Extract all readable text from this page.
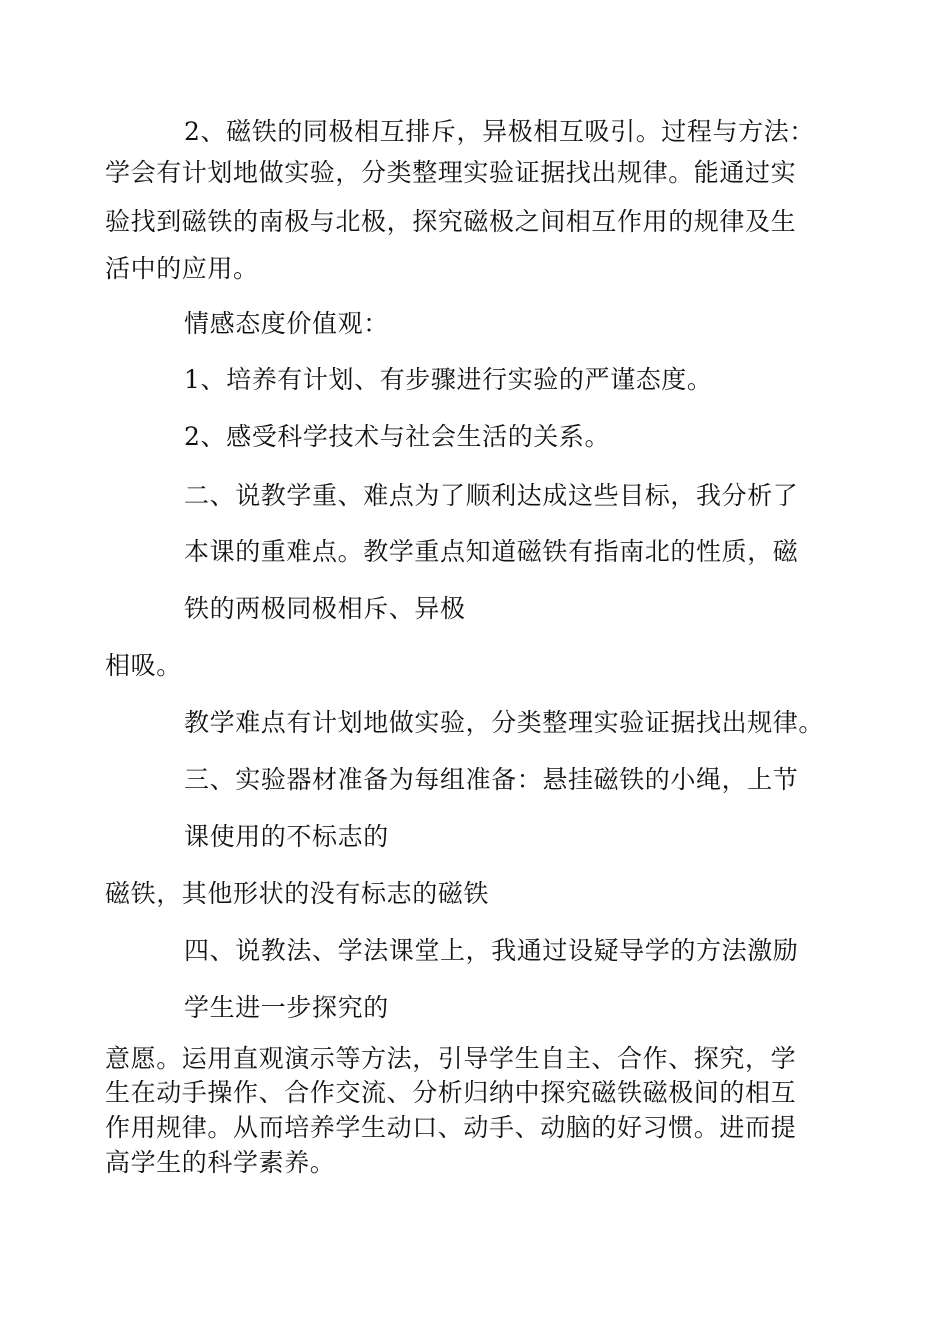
2、磁铁的同极相互排斥，异极相互吸引。过程与方法：
学会有计划地做实验，分类整理实验证据找出规律。能通过实
验找到磁铁的南极与北极，探究磁极之间相互作用的规律及生
活中的应用。
情感态度价值观：
1、培养有计划、有步骤进行实验的严谨态度。
2、感受科学技术与社会生活的关系。
二、说教学重、难点为了顺利达成这些目标，我分析了
本课的重难点。教学重点知道磁铁有指南北的性质，磁
铁的两极同极相斥、异极
相吸。
教学难点有计划地做实验，分类整理实验证据找出规律。
三、实验器材准备为每组准备：悬挂磁铁的小绳，上节
课使用的不标志的
磁铁，其他形状的没有标志的磁铁
四、说教法、学法课堂上，我通过设疑导学的方法激励
学生进一步探究的
意愿。运用直观演示等方法，引导学生自主、合作、探究，学
生在动手操作、合作交流、分析归纳中探究磁铁磁极间的相互
作用规律。从而培养学生动口、动手、动脑的好习惯。进而提
高学生的科学素养。
